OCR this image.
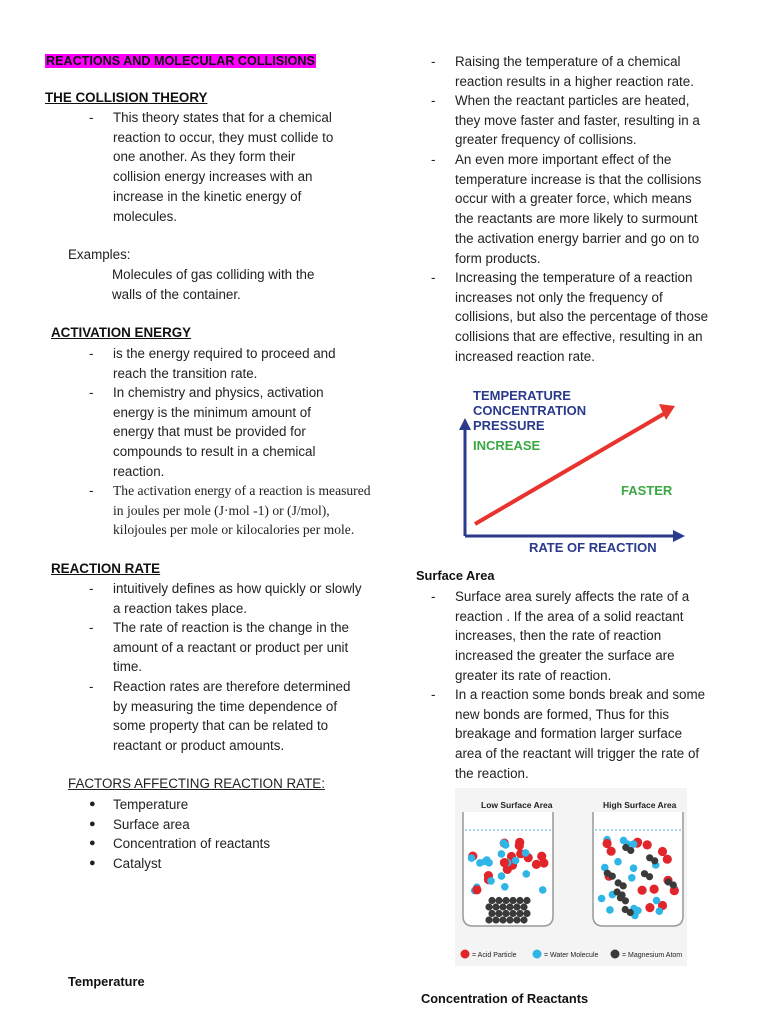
REACTIONS AND MOLECULAR COLLISIONS
THE COLLISION THEORY
- This theory states that for a chemical
reaction to occur, they must collide to
one another. As they form their
collision energy increases with an
increase in the kinetic energy of
molecules.
Examples:
Molecules of gas colliding with the
walls of the container.
ACTIVATION ENERGY
- is the energy required to proceed and
reach the transition rate.
- In chemistry and physics, activation
energy is the minimum amount of
energy that must be provided for
compounds to result in a chemical
reaction.
- The activation energy of a reaction is measured
in joules per mole (J·mol -1) or (J/mol),
kilojoules per mole or kilocalories per mole.
REACTION RATE
- intuitively defines as how quickly or slowly
a reaction takes place.
- The rate of reaction is the change in the
amount of a reactant or product per unit
time.
- Reaction rates are therefore determined
by measuring the time dependence of
some property that can be related to
reactant or product amounts.
FACTORS AFFECTING REACTION RATE:
● Temperature
● Surface area
● Concentration of reactants
● Catalyst
Temperature
- Raising the temperature of a chemical
reaction results in a higher reaction rate.
- When the reactant particles are heated,
they move faster and faster, resulting in a
greater frequency of collisions.
- An even more important effect of the
temperature increase is that the collisions
occur with a greater force, which means
the reactants are more likely to surmount
the activation energy barrier and go on to
form products.
- Increasing the temperature of a reaction
increases not only the frequency of
collisions, but also the percentage of those
collisions that are effective, resulting in an
increased reaction rate.
TEMPERATURE
CONCENTRATION
PRESSURE
INCREASE
FASTER
RATE OF REACTION
Surface Area
- Surface area surely affects the rate of a
reaction . If the area of a solid reactant
increases, then the rate of reaction
increased the greater the surface are
greater its rate of reaction.
- In a reaction some bonds break and some
new bonds are formed, Thus for this
breakage and formation larger surface
area of the reactant will trigger the rate of
the reaction.
Low Surface Area	High Surface Area
= Acid Particle	= Water Molecule	= Magnesium Atom
Concentration of Reactants
